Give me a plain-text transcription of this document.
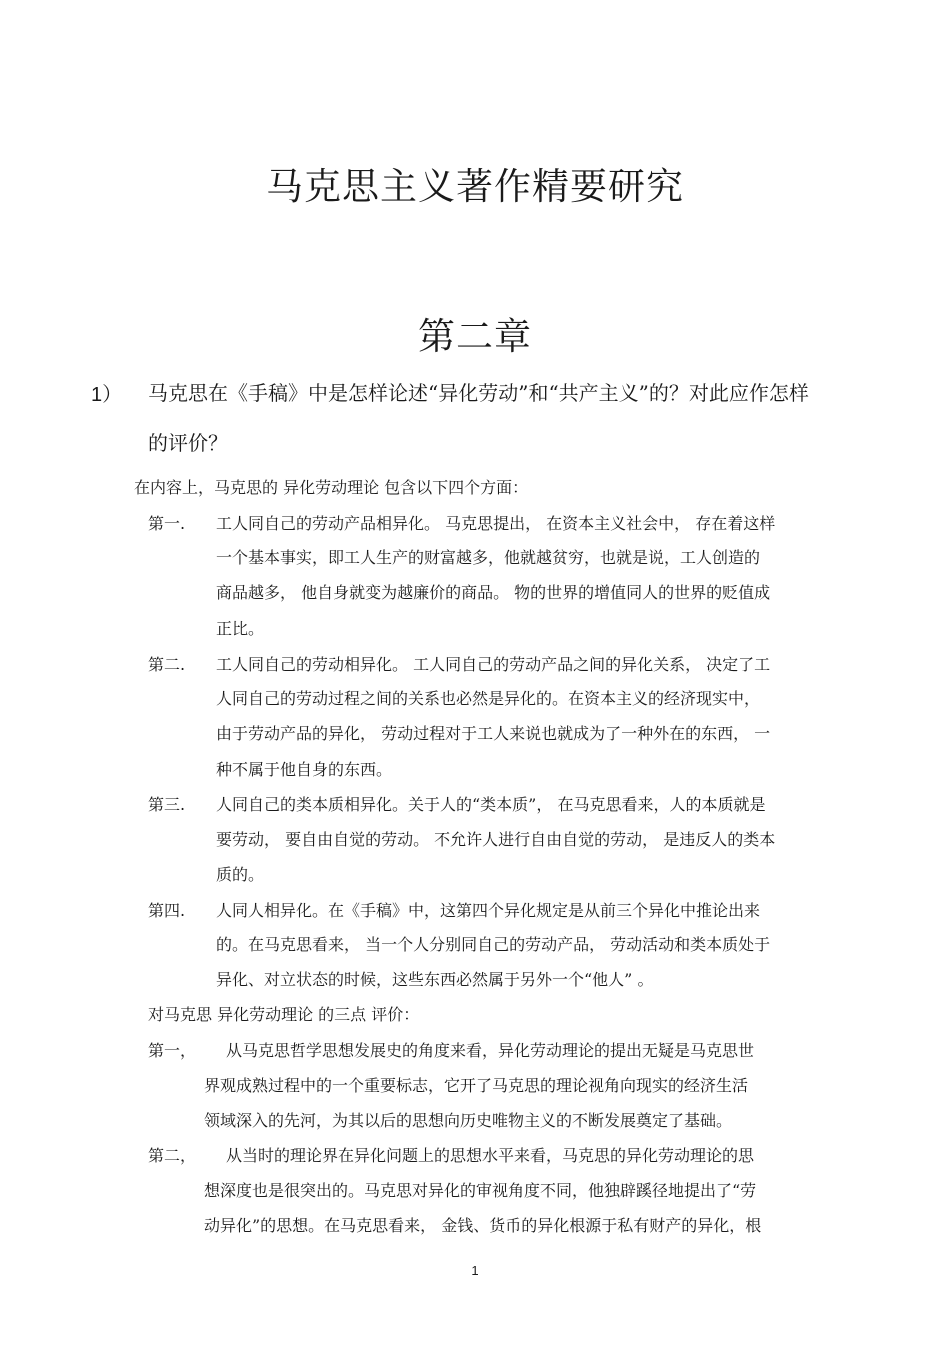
马克思主义著作精要研究
第二章
1） 马克思在《手稿》中是怎样论述“异化劳动”和“共产主义”的？对此应作怎样
的评价？
在内容上，马克思的 异化劳动理论 包含以下四个方面：
第一. 工人同自己的劳动产品相异化。 马克思提出， 在资本主义社会中， 存在着这样
一个基本事实，即工人生产的财富越多，他就越贫穷，也就是说，工人创造的
商品越多， 他自身就变为越廉价的商品。 物的世界的增值同人的世界的贬值成
正比。
第二. 工人同自己的劳动相异化。 工人同自己的劳动产品之间的异化关系， 决定了工
人同自己的劳动过程之间的关系也必然是异化的。在资本主义的经济现实中，
由于劳动产品的异化， 劳动过程对于工人来说也就成为了一种外在的东西， 一
种不属于他自身的东西。
第三. 人同自己的类本质相异化。关于人的“类本质”， 在马克思看来，人的本质就是
要劳动， 要自由自觉的劳动。 不允许人进行自由自觉的劳动， 是违反人的类本
质的。
第四. 人同人相异化。在《手稿》中，这第四个异化规定是从前三个异化中推论出来
的。在马克思看来， 当一个人分别同自己的劳动产品， 劳动活动和类本质处于
异化、对立状态的时候，这些东西必然属于另外一个“他人” 。
对马克思 异化劳动理论 的三点 评价：
第一， 从马克思哲学思想发展史的角度来看，异化劳动理论的提出无疑是马克思世
界观成熟过程中的一个重要标志，它开了马克思的理论视角向现实的经济生活
领域深入的先河，为其以后的思想向历史唯物主义的不断发展奠定了基础。
第二， 从当时的理论界在异化问题上的思想水平来看，马克思的异化劳动理论的思
想深度也是很突出的。马克思对异化的审视角度不同，他独辟蹊径地提出了“劳
动异化”的思想。在马克思看来， 金钱、货币的异化根源于私有财产的异化，根
1
